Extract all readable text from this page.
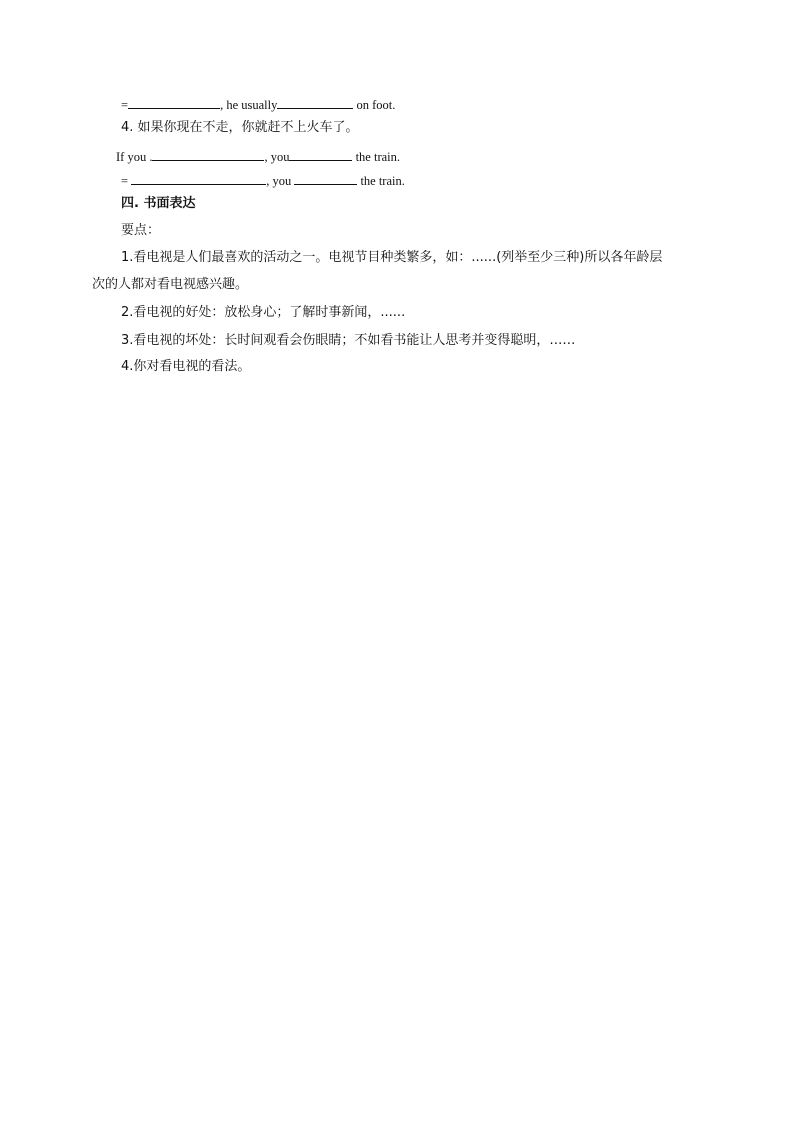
=	, he usually	on foot.
4. 如果你现在不走，你就赶不上火车了。
If you .	, you	the train.
=	, you	the train.
四. 书面表达
要点：
1.看电视是人们最喜欢的活动之一。电视节目种类繁多，如：......(列举至少三种)所以各年龄层
次的人都对看电视感兴趣。
2.看电视的好处：放松身心；了解时事新闻，......
3.看电视的坏处：长时间观看会伤眼睛；不如看书能让人思考并变得聪明，……
4.你对看电视的看法。
